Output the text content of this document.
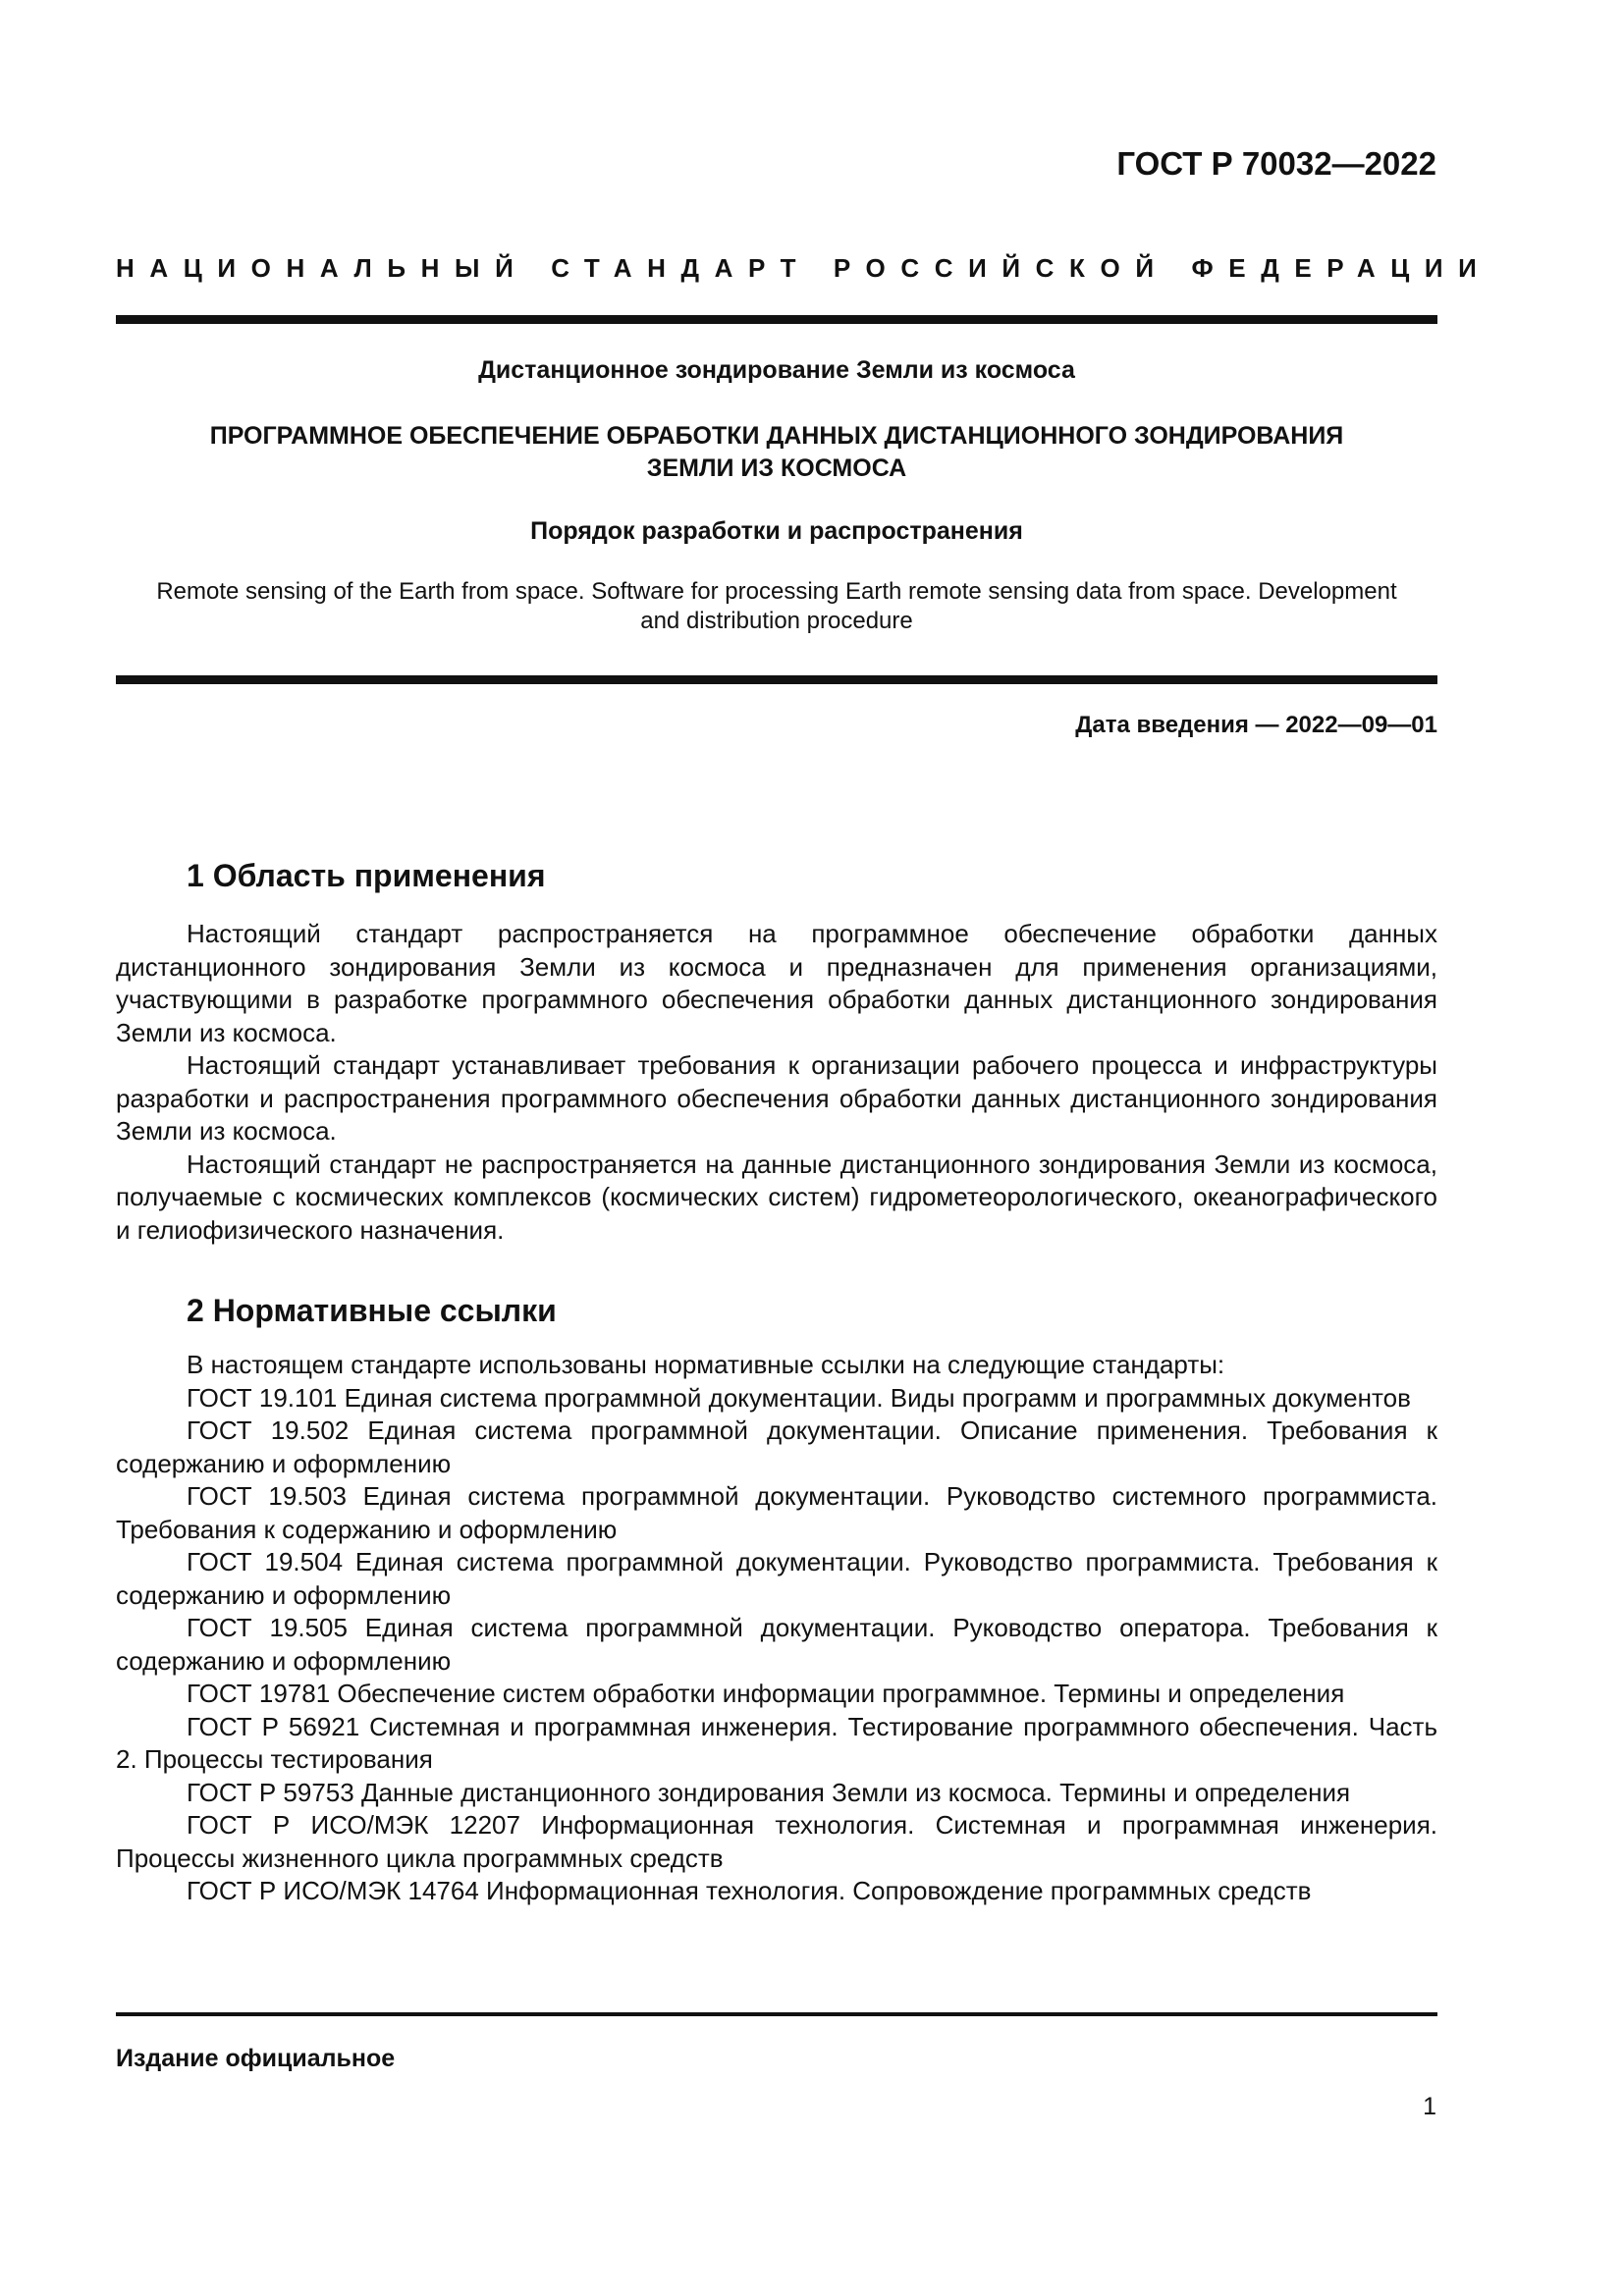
ГОСТ Р 70032—2022
НАЦИОНАЛЬНЫЙ СТАНДАРТ РОССИЙСКОЙ ФЕДЕРАЦИИ
Дистанционное зондирование Земли из космоса
ПРОГРАММНОЕ ОБЕСПЕЧЕНИЕ ОБРАБОТКИ ДАННЫХ ДИСТАНЦИОННОГО ЗОНДИРОВАНИЯ
ЗЕМЛИ ИЗ КОСМОСА
Порядок разработки и распространения
Remote sensing of the Earth from space. Software for processing Earth remote sensing data from space. Development
and distribution procedure
Дата введения — 2022—09—01
1 Область применения

Настоящий стандарт распространяется на программное обеспечение обработки данных дистанционного зондирования Земли из космоса и предназначен для применения организациями, участвующими в разработке программного обеспечения обработки данных дистанционного зондирования Земли из космоса.

Настоящий стандарт устанавливает требования к организации рабочего процесса и инфраструктуры разработки и распространения программного обеспечения обработки данных дистанционного зондирования Земли из космоса.

Настоящий стандарт не распространяется на данные дистанционного зондирования Земли из космоса, получаемые с космических комплексов (космических систем) гидрометеорологического, океанографического и гелиофизического назначения.

2 Нормативные ссылки

В настоящем стандарте использованы нормативные ссылки на следующие стандарты:

ГОСТ 19.101 Единая система программной документации. Виды программ и программных документов

ГОСТ 19.502 Единая система программной документации. Описание применения. Требования к содержанию и оформлению

ГОСТ 19.503 Единая система программной документации. Руководство системного программиста. Требования к содержанию и оформлению

ГОСТ 19.504 Единая система программной документации. Руководство программиста. Требования к содержанию и оформлению

ГОСТ 19.505 Единая система программной документации. Руководство оператора. Требования к содержанию и оформлению

ГОСТ 19781 Обеспечение систем обработки информации программное. Термины и определения

ГОСТ Р 56921 Системная и программная инженерия. Тестирование программного обеспечения. Часть 2. Процессы тестирования

ГОСТ Р 59753 Данные дистанционного зондирования Земли из космоса. Термины и определения

ГОСТ Р ИСО/МЭК 12207 Информационная технология. Системная и программная инженерия. Процессы жизненного цикла программных средств

ГОСТ Р ИСО/МЭК 14764 Информационная технология. Сопровождение программных средств

Издание официальное
1
